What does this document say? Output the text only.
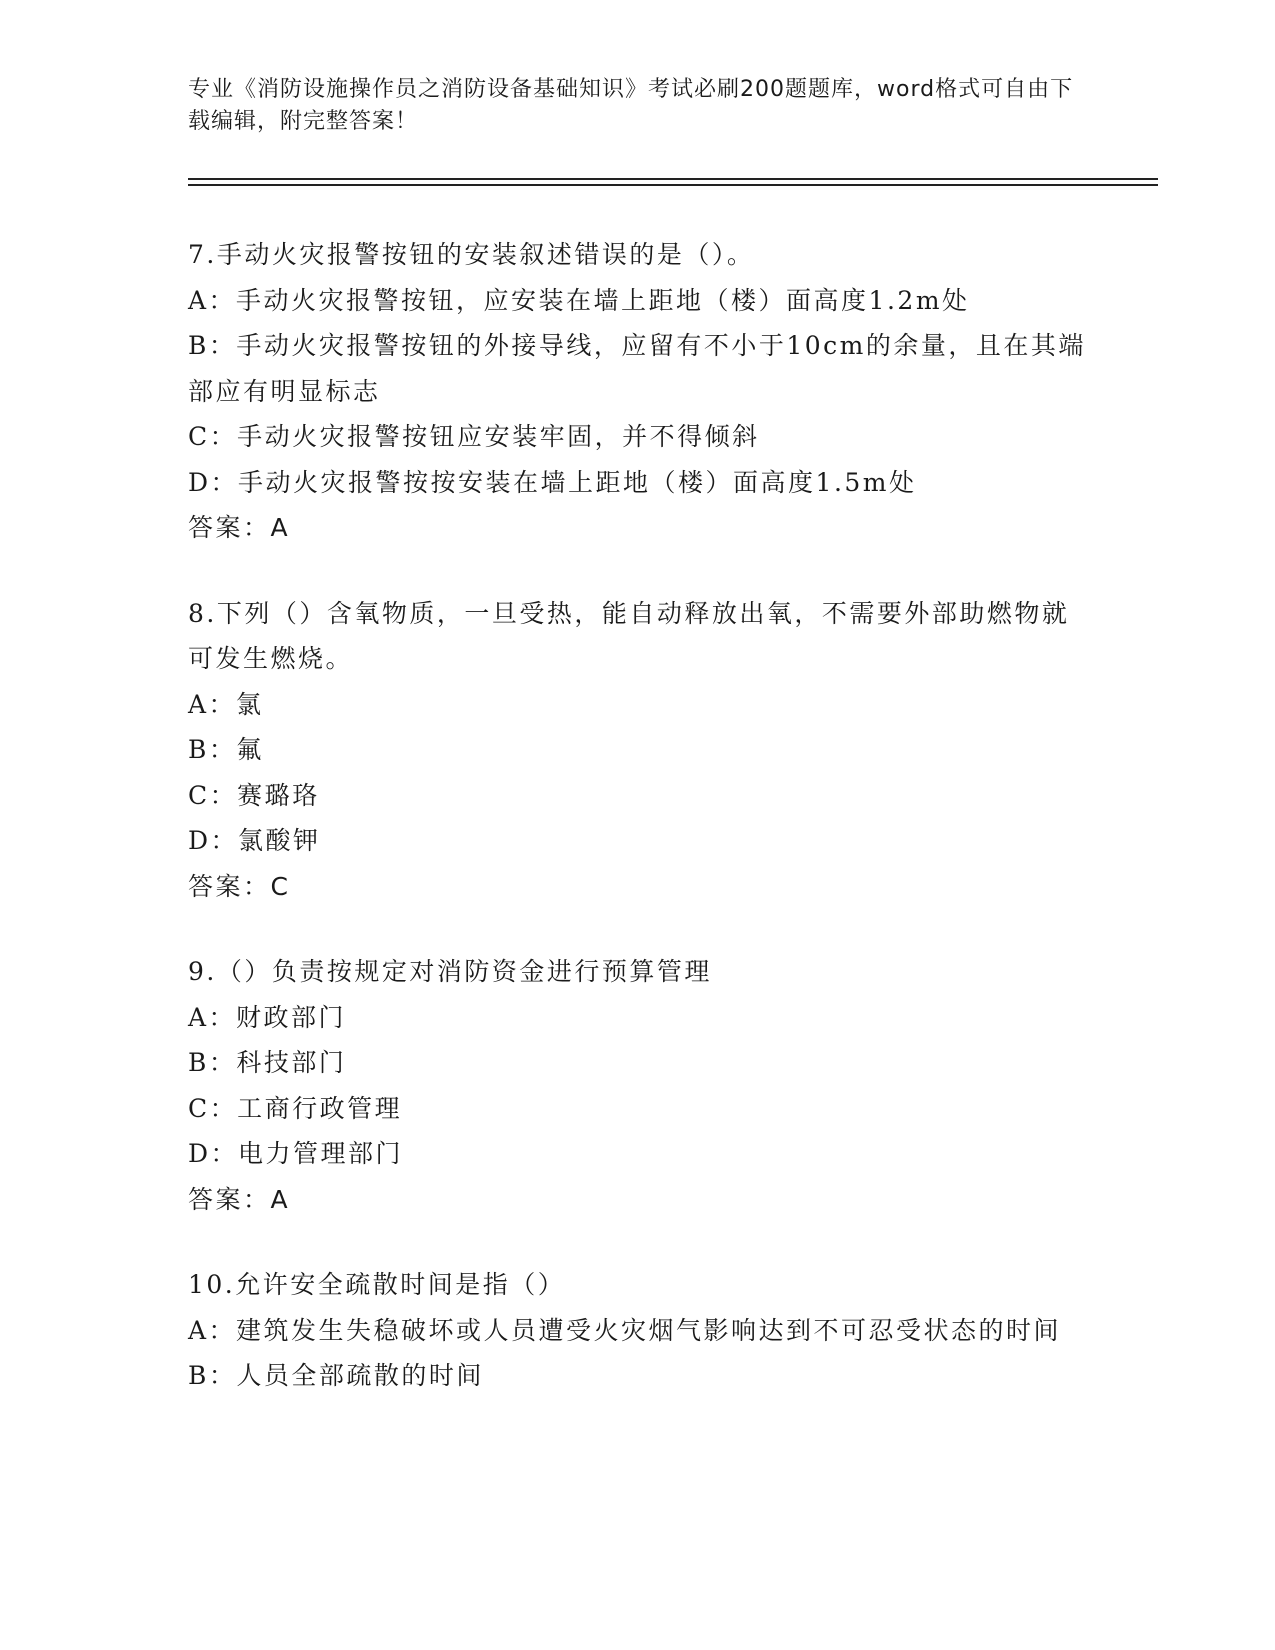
专业《消防设施操作员之消防设备基础知识》考试必刷200题题库，word格式可自由下载编辑，附完整答案！
7.手动火灾报警按钮的安装叙述错误的是（）。
A：手动火灾报警按钮，应安装在墙上距地（楼）面高度1.2m处
B：手动火灾报警按钮的外接导线，应留有不小于10cm的余量，且在其端部应有明显标志
C：手动火灾报警按钮应安装牢固，并不得倾斜
D：手动火灾报警按按安装在墙上距地（楼）面高度1.5m处
答案：A
8.下列（）含氧物质，一旦受热，能自动释放出氧，不需要外部助燃物就可发生燃烧。
A：氯
B：氟
C：赛璐珞
D：氯酸钾
答案：C
9.（）负责按规定对消防资金进行预算管理
A：财政部门
B：科技部门
C：工商行政管理
D：电力管理部门
答案：A
10.允许安全疏散时间是指（）
A：建筑发生失稳破坏或人员遭受火灾烟气影响达到不可忍受状态的时间
B：人员全部疏散的时间
